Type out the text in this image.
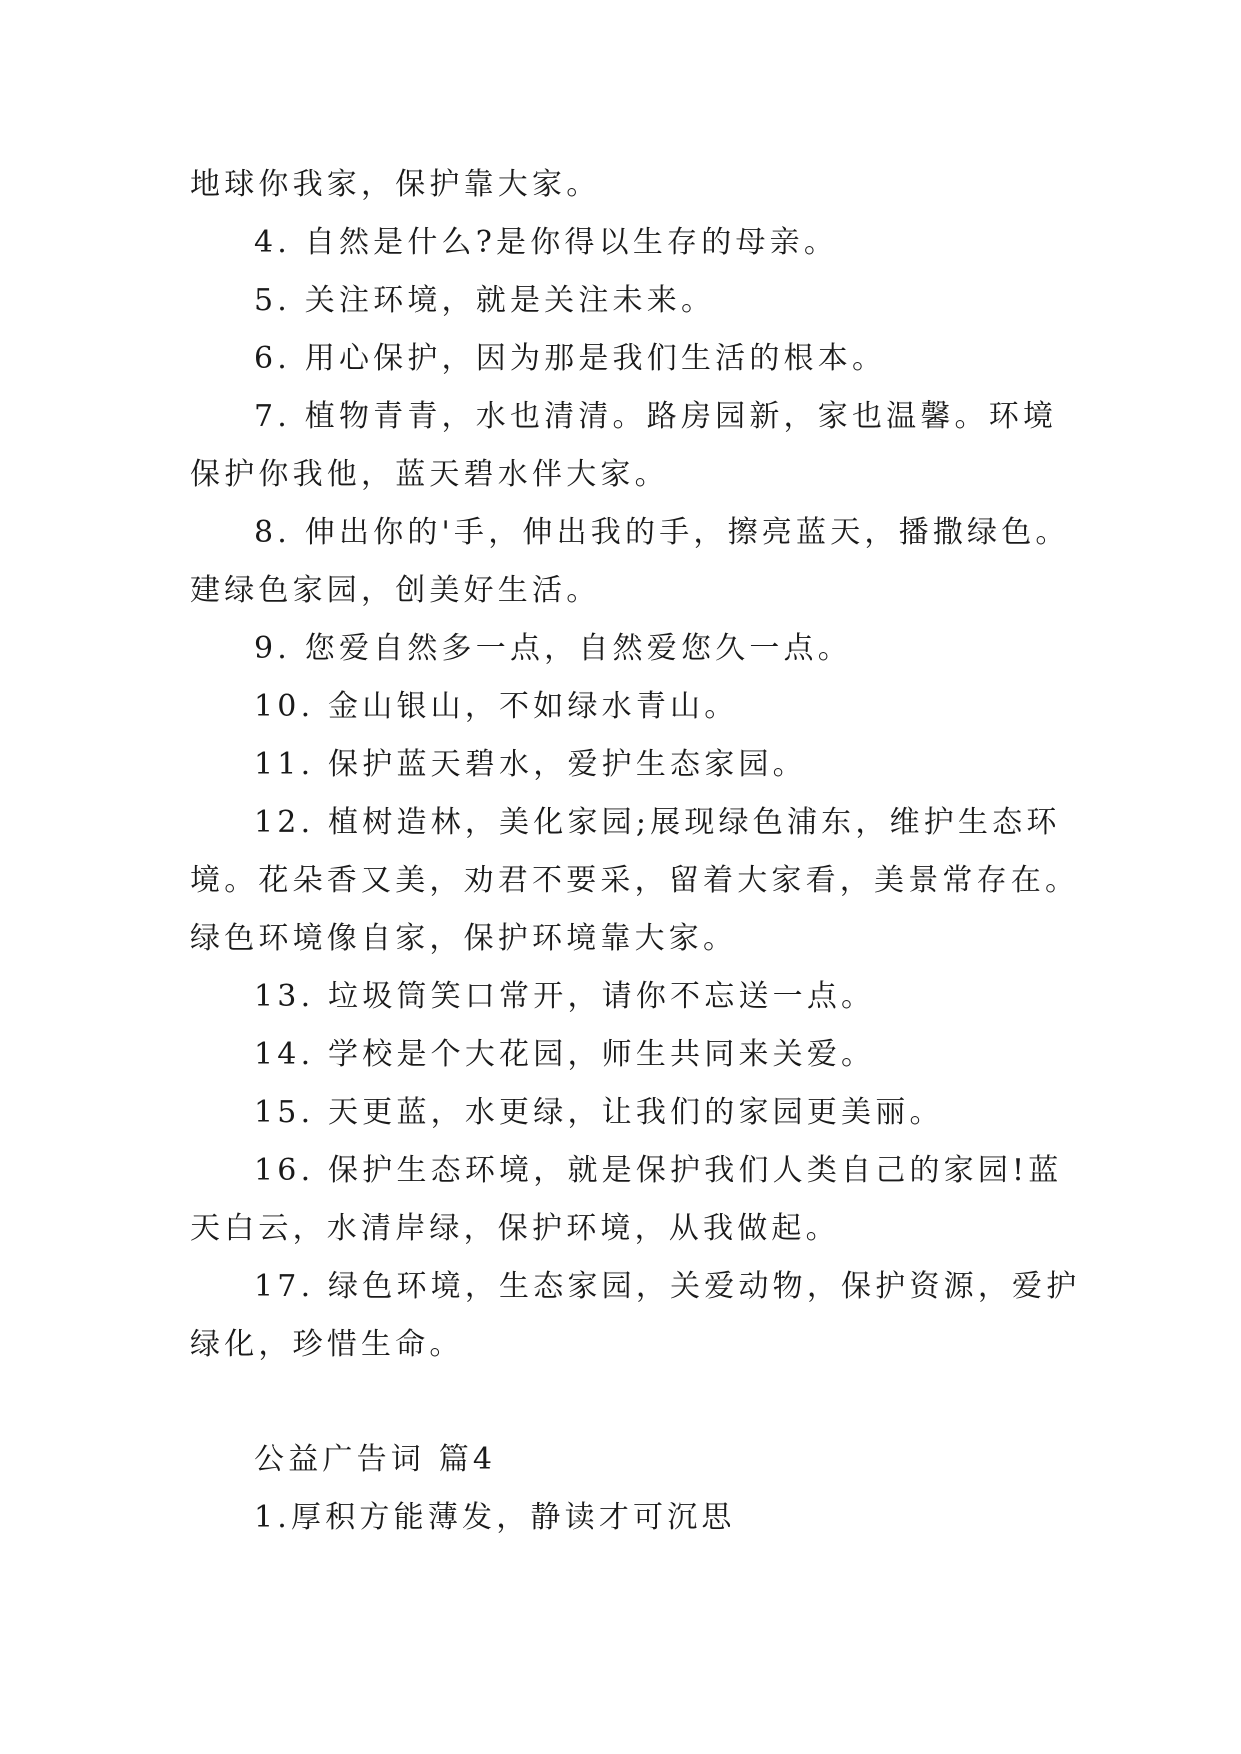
地球你我家，保护靠大家。
4. 自然是什么?是你得以生存的母亲。
5. 关注环境，就是关注未来。
6. 用心保护，因为那是我们生活的根本。
7. 植物青青，水也清清。路房园新，家也温馨。环境
保护你我他，蓝天碧水伴大家。
8. 伸出你的'手，伸出我的手，擦亮蓝天，播撒绿色。
建绿色家园，创美好生活。
9. 您爱自然多一点，自然爱您久一点。
10. 金山银山，不如绿水青山。
11. 保护蓝天碧水，爱护生态家园。
12. 植树造林，美化家园;展现绿色浦东，维护生态环
境。花朵香又美，劝君不要采，留着大家看，美景常存在。
绿色环境像自家，保护环境靠大家。
13. 垃圾筒笑口常开，请你不忘送一点。
14. 学校是个大花园，师生共同来关爱。
15. 天更蓝，水更绿，让我们的家园更美丽。
16. 保护生态环境，就是保护我们人类自己的家园!蓝
天白云，水清岸绿，保护环境，从我做起。
17. 绿色环境，生态家园，关爱动物，保护资源，爱护
绿化，珍惜生命。
公益广告词 篇4
1.厚积方能薄发，静读才可沉思
